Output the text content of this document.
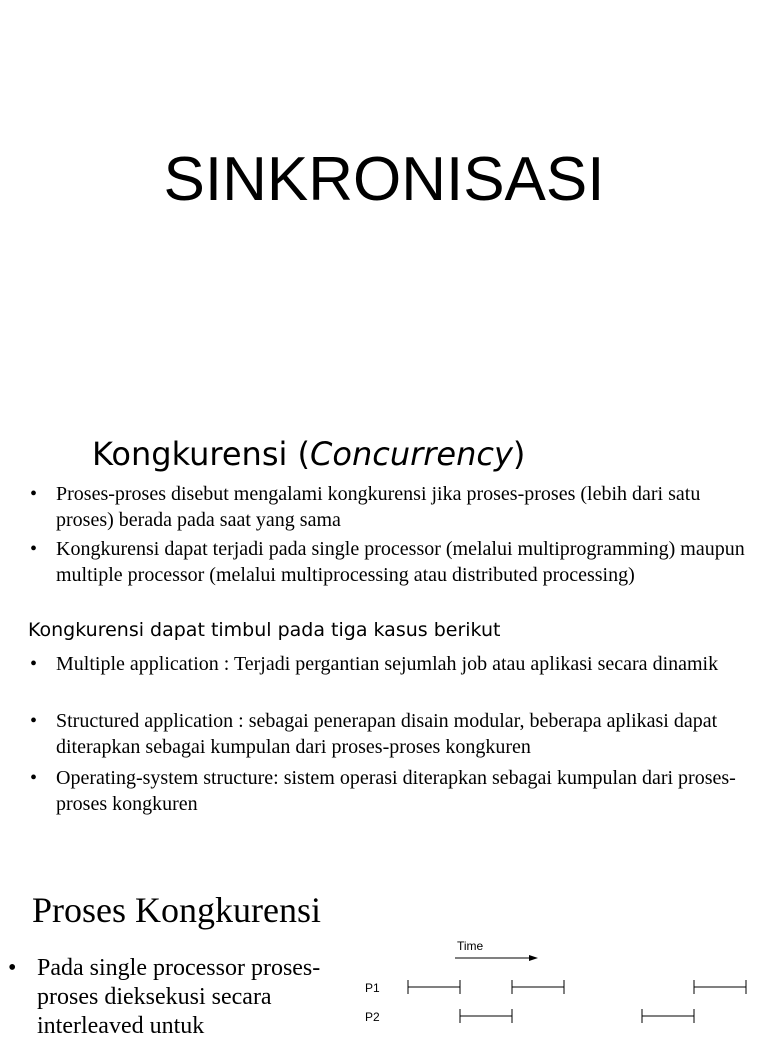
SINKRONISASI
Kongkurensi (Concurrency)
• Proses-proses disebut mengalami kongkurensi jika proses-proses (lebih dari satu proses) berada pada saat yang sama
• Kongkurensi dapat terjadi pada single processor (melalui multiprogramming) maupun multiple processor (melalui multiprocessing atau distributed processing)
Kongkurensi dapat timbul pada tiga kasus berikut
• Multiple application : Terjadi pergantian sejumlah job atau aplikasi secara dinamik
• Structured application : sebagai penerapan disain modular, beberapa aplikasi dapat diterapkan sebagai kumpulan dari proses-proses kongkuren
• Operating-system structure: sistem operasi diterapkan sebagai kumpulan dari proses-proses kongkuren
Proses Kongkurensi
• Pada single processor proses-proses dieksekusi secara interleaved untuk
Time
P1
P2
